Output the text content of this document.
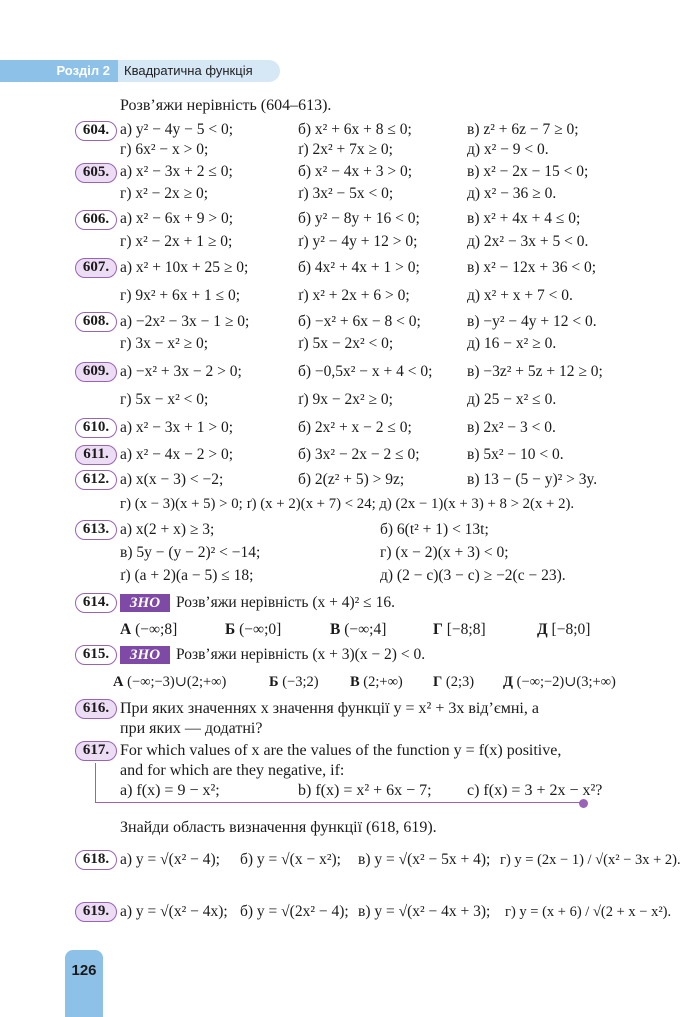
Розділ 2	Квадратична функція
Розв’яжи нерівність (604–613).
604. а) y² − 4y − 5 < 0;	б) x² + 6x + 8 ≤ 0;	в) z² + 6z − 7 ≥ 0;
г) 6x² − x > 0;	ґ) 2x² + 7x ≥ 0;	д) x² − 9 < 0.
605. а) x² − 3x + 2 ≤ 0;	б) x² − 4x + 3 > 0;	в) x² − 2x − 15 < 0;
г) x² − 2x ≥ 0;	ґ) 3x² − 5x < 0;	д) x² − 36 ≥ 0.
606. а) x² − 6x + 9 > 0;	б) y² − 8y + 16 < 0;	в) x² + 4x + 4 ≤ 0;
г) x² − 2x + 1 ≥ 0;	ґ) y² − 4y + 12 > 0;	д) 2x² − 3x + 5 < 0.
607. а) x² + 10x + 25 ≥ 0;	б) 4x² + 4x + 1 > 0;	в) x² − 12x + 36 < 0;
г) 9x² + 6x + 1 ≤ 0;	ґ) x² + 2x + 6 > 0;	д) x² + x + 7 < 0.
608. а) −2x² − 3x − 1 ≥ 0;	б) −x² + 6x − 8 < 0;	в) −y² − 4y + 12 < 0.
г) 3x − x² ≥ 0;	ґ) 5x − 2x² < 0;	д) 16 − x² ≥ 0.
609. а) −x² + 3x − 2 > 0;	б) −0,5x² − x + 4 < 0; в) −3z² + 5z + 12 ≥ 0;
г) 5x − x² < 0;	ґ) 9x − 2x² ≥ 0;	д) 25 − x² ≤ 0.
610. а) x² − 3x + 1 > 0;	б) 2x² + x − 2 ≤ 0;	в) 2x² − 3 < 0.
611. а) x² − 4x − 2 > 0;	б) 3x² − 2x − 2 ≤ 0;	в) 5x² − 10 < 0.
612. а) x(x − 3) < −2;	б) 2(z² + 5) > 9z;	в) 13 − (5 − y)² > 3y.
г) (x − 3)(x + 5) > 0; ґ) (x + 2)(x + 7) < 24; д) (2x − 1)(x + 3) + 8 > 2(x + 2).
613. а) x(2 + x) ≥ 3;	б) 6(t² + 1) < 13t;
в) 5y − (y − 2)² < −14;	г) (x − 2)(x + 3) < 0;
ґ) (a + 2)(a − 5) ≤ 18;	д) (2 − c)(3 − c) ≥ −2(c − 23).
614.	ЗНО	Розв’яжи нерівність (x + 4)² ≤ 16.
А (−∞;8]	Б (−∞;0]	В (−∞;4]	Г [−8;8]	Д [−8;0]
615.	ЗНО	Розв’яжи нерівність (x + 3)(x − 2) < 0.
А (−∞;−3)∪(2;+∞)	Б (−3;2) В (2;+∞) Г (2;3) Д (−∞;−2)∪(3;+∞)
616. При яких значеннях x значення функції y = x² + 3x від’ємні, а
при яких — додатні?
617. For which values of x are the values of the function y = f(x) positive,
and for which are they negative, if:
а) f(x) = 9 − x²;	b) f(x) = x² + 6x − 7; c) f(x) = 3 + 2x − x²?
Знайди область визначення функції (618, 619).
618. а) y = √(x² − 4); б) y = √(x − x²); в) y = √(x² − 5x + 4); г) y = (2x − 1) / √(x² − 3x + 2).
619. а) y = √(x² − 4x); б) y = √(2x² − 4); в) y = √(x² − 4x + 3); г) y = (x + 6) / √(2 + x − x²).
126
